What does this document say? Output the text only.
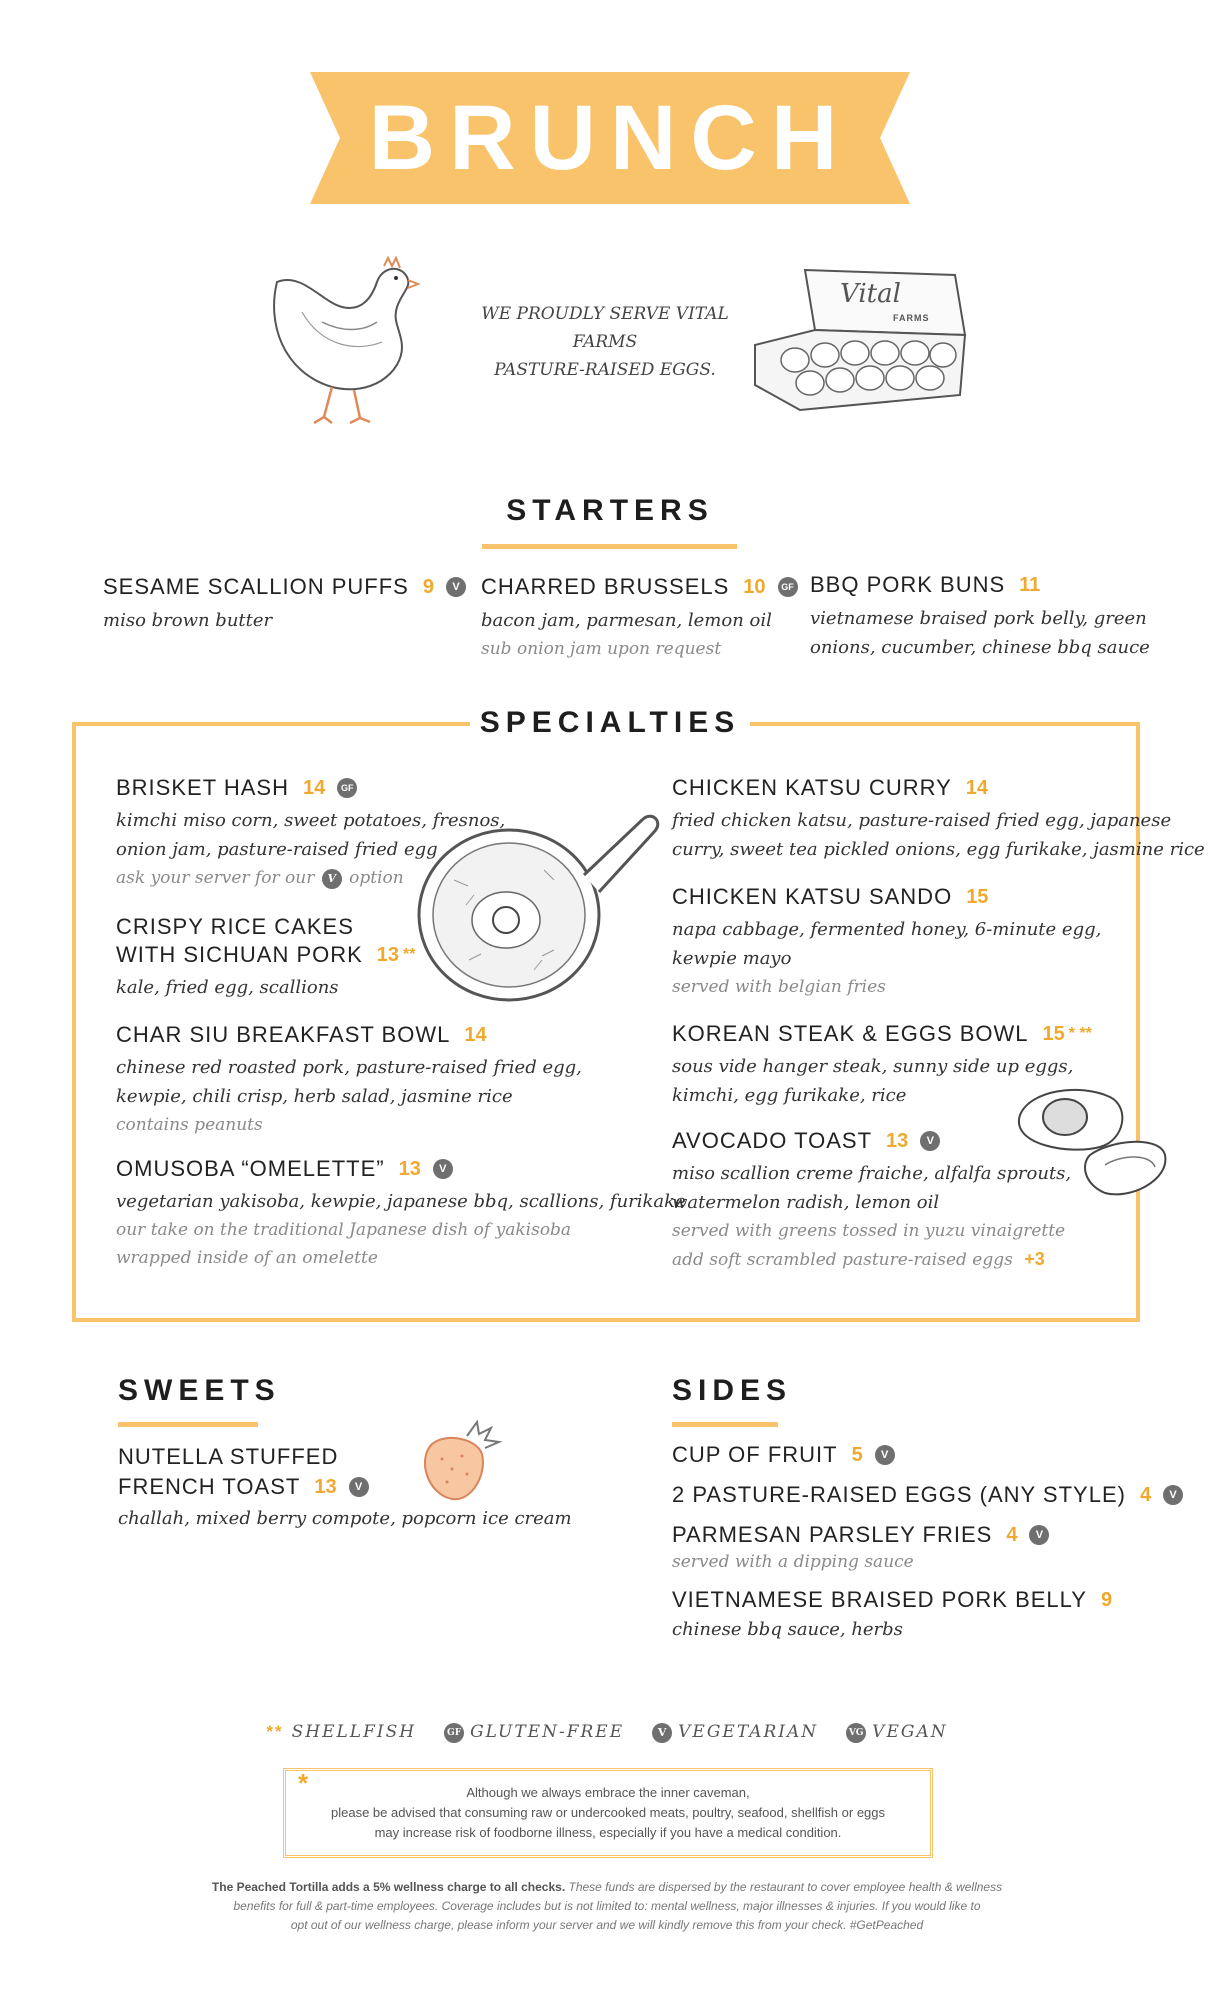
BRUNCH
WE PROUDLY SERVE VITAL FARMS
PASTURE-RAISED EGGS.
Vital
FARMS
STARTERS
SESAME SCALLION PUFFS 9	V
miso brown butter
CHARRED BRUSSELS 10	GF
bacon jam, parmesan, lemon oil
sub onion jam upon request
BBQ PORK BUNS 11
vietnamese braised pork belly, green
onions, cucumber, chinese bbq sauce
SPECIALTIES
BRISKET HASH 14	GF
kimchi miso corn, sweet potatoes, fresnos,
onion jam, pasture-raised fried egg
ask your server for our V option
CRISPY RICE CAKES
WITH SICHUAN PORK 13 **
kale, fried egg, scallions
CHAR SIU BREAKFAST BOWL 14
chinese red roasted pork, pasture-raised fried egg,
kewpie, chili crisp, herb salad, jasmine rice
contains peanuts
OMUSOBA “OMELETTE” 13	V
vegetarian yakisoba, kewpie, japanese bbq, scallions, furikake
our take on the traditional Japanese dish of yakisoba
wrapped inside of an omelette
CHICKEN KATSU CURRY 14
fried chicken katsu, pasture-raised fried egg, japanese
curry, sweet tea pickled onions, egg furikake, jasmine rice
CHICKEN KATSU SANDO 15
napa cabbage, fermented honey, 6-minute egg,
kewpie mayo
served with belgian fries
KOREAN STEAK & EGGS BOWL 15 * **
sous vide hanger steak, sunny side up eggs,
kimchi, egg furikake, rice
AVOCADO TOAST 13	V
miso scallion creme fraiche, alfalfa sprouts,
watermelon radish, lemon oil
served with greens tossed in yuzu vinaigrette
add soft scrambled pasture-raised eggs +3
SWEETS
NUTELLA STUFFED
FRENCH TOAST 13	V
challah, mixed berry compote, popcorn ice cream
SIDES
CUP OF FRUIT 5	V
2 PASTURE-RAISED EGGS (ANY STYLE) 4	V
PARMESAN PARSLEY FRIES 4	V
served with a dipping sauce
VIETNAMESE BRAISED PORK BELLY 9
chinese bbq sauce, herbs
** SHELLFISH	GF GLUTEN-FREE	V VEGETARIAN	VG VEGAN
*	Although we always embrace the inner caveman,
please be advised that consuming raw or undercooked meats, poultry, seafood, shellfish or eggs
may increase risk of foodborne illness, especially if you have a medical condition.
The Peached Tortilla adds a 5% wellness charge to all checks. These funds are dispersed by the restaurant to cover employee health & wellness
benefits for full & part-time employees. Coverage includes but is not limited to: mental wellness, major illnesses & injuries. If you would like to
opt out of our wellness charge, please inform your server and we will kindly remove this from your check. #GetPeached
